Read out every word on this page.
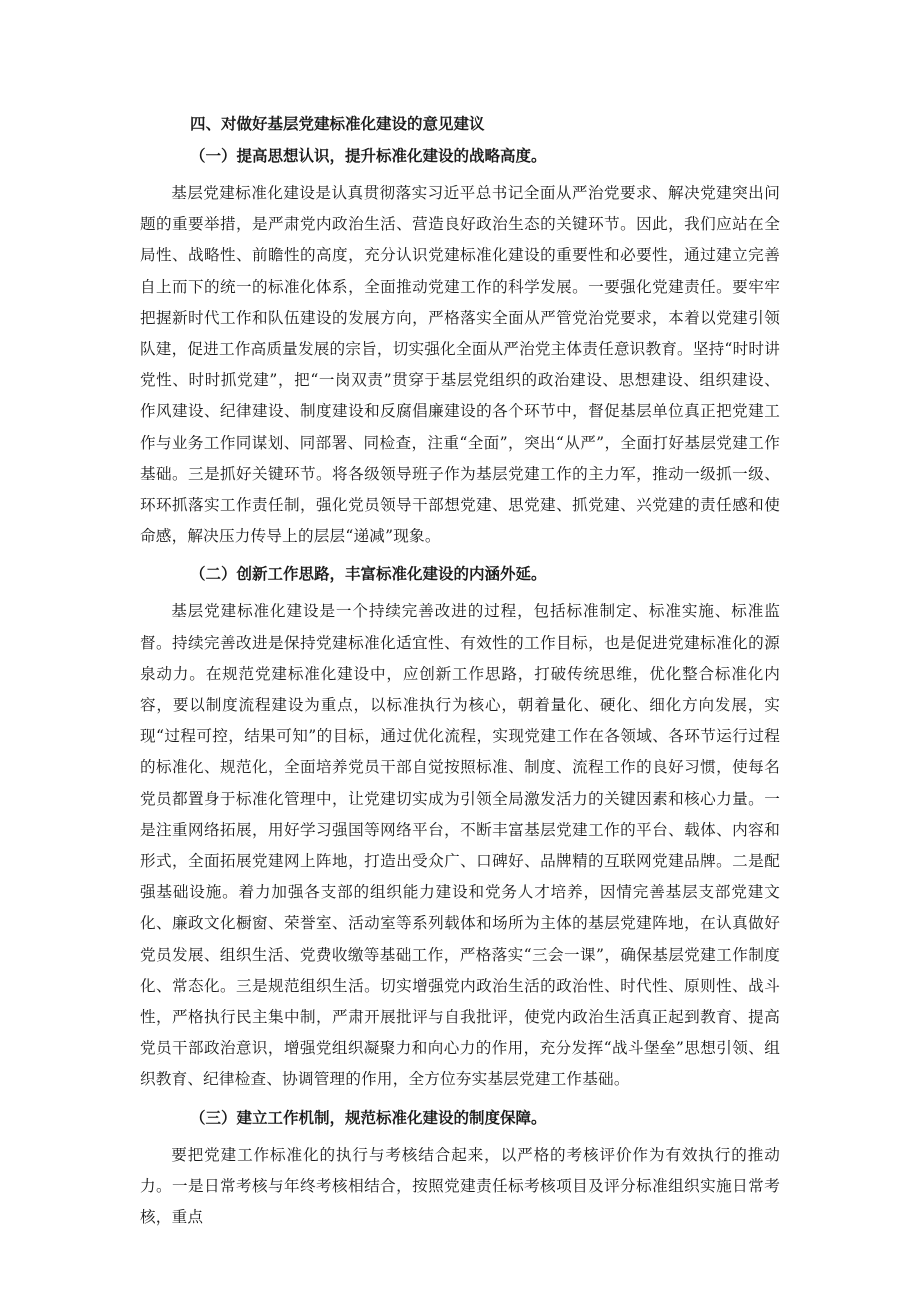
四、对做好基层党建标准化建设的意见建议
（一）提高思想认识，提升标准化建设的战略高度。

基层党建标准化建设是认真贯彻落实习近平总书记全面从严治党要求、解决党建突出问题的重要举措，是严肃党内政治生活、营造良好政治生态的关键环节。因此，我们应站在全局性、战略性、前瞻性的高度，充分认识党建标准化建设的重要性和必要性，通过建立完善自上而下的统一的标准化体系，全面推动党建工作的科学发展。一要强化党建责任。要牢牢把握新时代工作和队伍建设的发展方向，严格落实全面从严管党治党要求，本着以党建引领队建，促进工作高质量发展的宗旨，切实强化全面从严治党主体责任意识教育。坚持“时时讲党性、时时抓党建”，把“一岗双责”贯穿于基层党组织的政治建设、思想建设、组织建设、作风建设、纪律建设、制度建设和反腐倡廉建设的各个环节中，督促基层单位真正把党建工作与业务工作同谋划、同部署、同检查，注重“全面”，突出“从严”，全面打好基层党建工作基础。三是抓好关键环节。将各级领导班子作为基层党建工作的主力军，推动一级抓一级、环环抓落实工作责任制，强化党员领导干部想党建、思党建、抓党建、兴党建的责任感和使命感，解决压力传导上的层层“递减”现象。

（二）创新工作思路，丰富标准化建设的内涵外延。

基层党建标准化建设是一个持续完善改进的过程，包括标准制定、标准实施、标准监督。持续完善改进是保持党建标准化适宜性、有效性的工作目标，也是促进党建标准化的源泉动力。在规范党建标准化建设中，应创新工作思路，打破传统思维，优化整合标准化内容，要以制度流程建设为重点，以标准执行为核心，朝着量化、硬化、细化方向发展，实现“过程可控，结果可知”的目标，通过优化流程，实现党建工作在各领域、各环节运行过程的标准化、规范化，全面培养党员干部自觉按照标准、制度、流程工作的良好习惯，使每名党员都置身于标准化管理中，让党建切实成为引领全局激发活力的关键因素和核心力量。一是注重网络拓展，用好学习强国等网络平台，不断丰富基层党建工作的平台、载体、内容和形式，全面拓展党建网上阵地，打造出受众广、口碑好、品牌精的互联网党建品牌。二是配强基础设施。着力加强各支部的组织能力建设和党务人才培养，因情完善基层支部党建文化、廉政文化橱窗、荣誉室、活动室等系列载体和场所为主体的基层党建阵地，在认真做好党员发展、组织生活、党费收缴等基础工作，严格落实“三会一课”，确保基层党建工作制度化、常态化。三是规范组织生活。切实增强党内政治生活的政治性、时代性、原则性、战斗性，严格执行民主集中制，严肃开展批评与自我批评，使党内政治生活真正起到教育、提高党员干部政治意识，增强党组织凝聚力和向心力的作用，充分发挥“战斗堡垒”思想引领、组织教育、纪律检查、协调管理的作用，全方位夯实基层党建工作基础。

（三）建立工作机制，规范标准化建设的制度保障。

要把党建工作标准化的执行与考核结合起来，以严格的考核评价作为有效执行的推动力。一是日常考核与年终考核相结合，按照党建责任标考核项目及评分标准组织实施日常考核，重点
